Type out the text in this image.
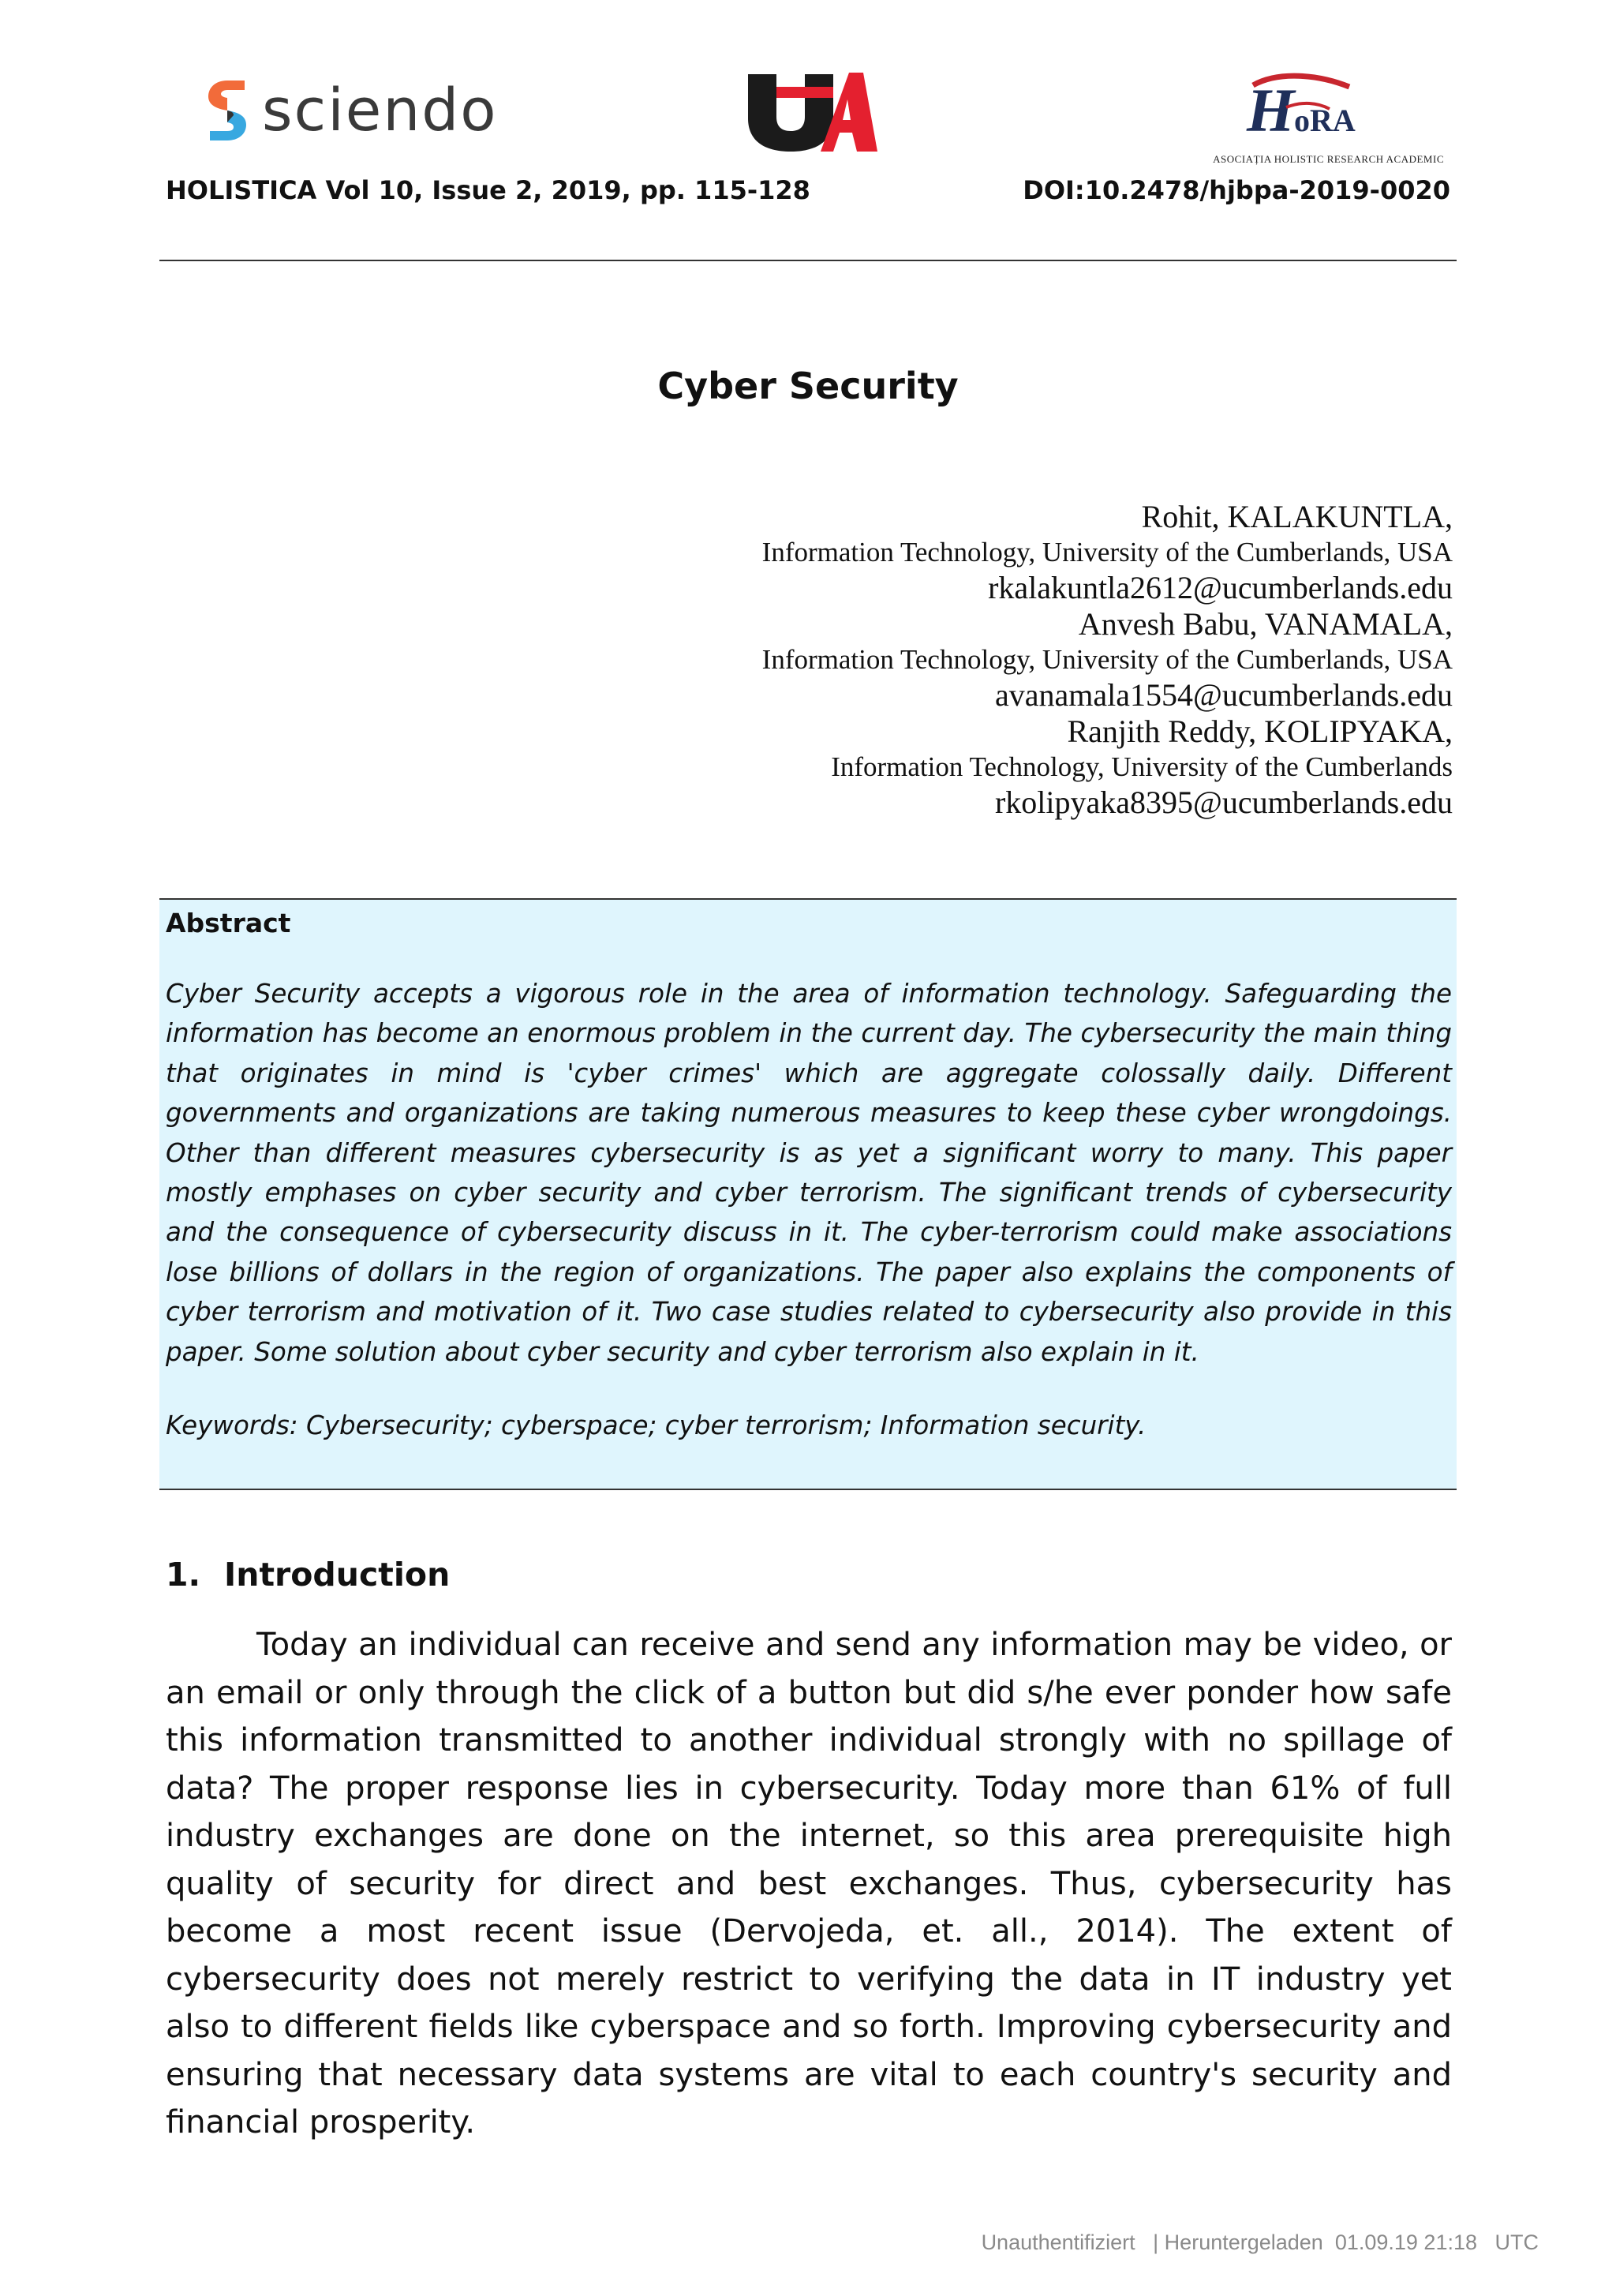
sciendo	H oRA
ASOCIAȚIA HOLISTIC RESEARCH ACADEMIC
HOLISTICA Vol 10, Issue 2, 2019, pp. 115-128	DOI:10.2478/hjbpa-2019-0020
Cyber Security
Rohit, KALAKUNTLA,
Information Technology, University of the Cumberlands, USA
rkalakuntla2612@ucumberlands.edu
Anvesh Babu, VANAMALA,
Information Technology, University of the Cumberlands, USA
avanamala1554@ucumberlands.edu
Ranjith Reddy, KOLIPYAKA,
Information Technology, University of the Cumberlands
rkolipyaka8395@ucumberlands.edu
Abstract
Cyber Security accepts a vigorous role in the area of information technology. Safeguarding the information has become an enormous problem in the current day. The cybersecurity the main thing that originates in mind is 'cyber crimes' which are aggregate colossally daily. Different governments and organizations are taking numerous measures to keep these cyber wrongdoings. Other than different measures cybersecurity is as yet a significant worry to many. This paper mostly emphases on cyber security and cyber terrorism. The significant trends of cybersecurity and the consequence of cybersecurity discuss in it. The cyber-terrorism could make associations lose billions of dollars in the region of organizations. The paper also explains the components of cyber terrorism and motivation of it. Two case studies related to cybersecurity also provide in this paper. Some solution about cyber security and cyber terrorism also explain in it.
Keywords: Cybersecurity; cyberspace; cyber terrorism; Information security.
1. Introduction
Today an individual can receive and send any information may be video, or an email or only through the click of a button but did s/he ever ponder how safe this information transmitted to another individual strongly with no spillage of data? The proper response lies in cybersecurity. Today more than 61% of full industry exchanges are done on the internet, so this area prerequisite high quality of security for direct and best exchanges. Thus, cybersecurity has become a most recent issue (Dervojeda, et. all., 2014). The extent of cybersecurity does not merely restrict to verifying the data in IT industry yet also to different fields like cyberspace and so forth. Improving cybersecurity and ensuring that necessary data systems are vital to each country's security and financial prosperity.
Unauthentifiziert   | Heruntergeladen  01.09.19 21:18   UTC
